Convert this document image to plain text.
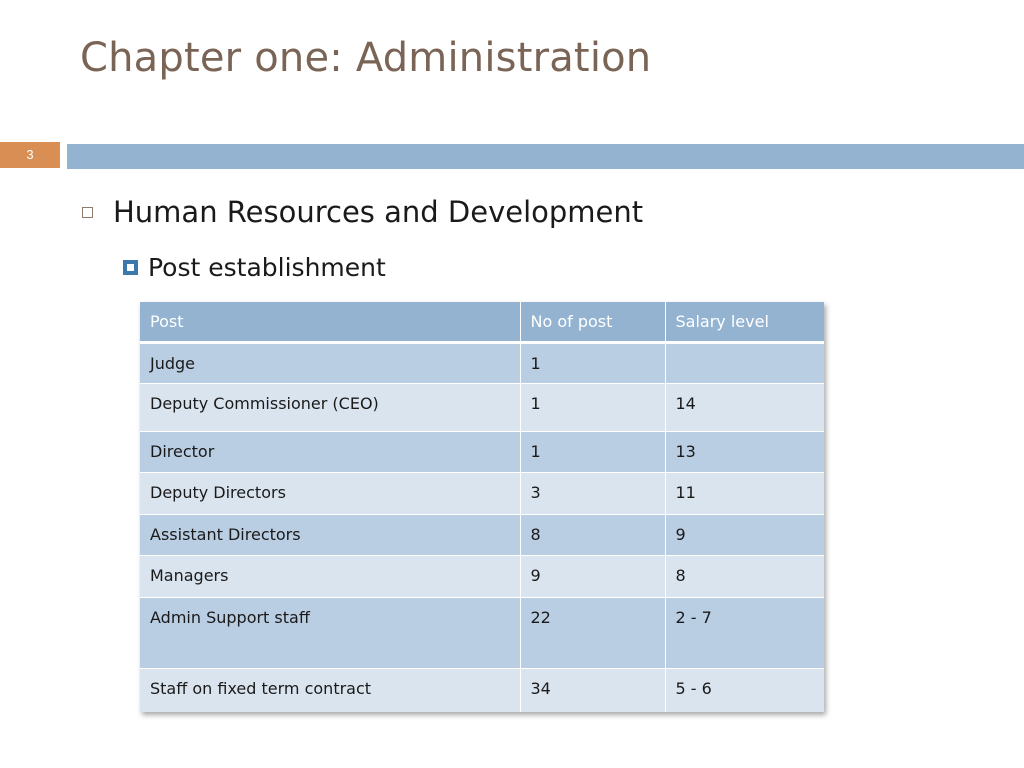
Chapter one: Administration
3
Human Resources and Development
Post establishment
Post	No of post	Salary level
Judge	1	
Deputy Commissioner (CEO)	1	14
Director	1	13
Deputy Directors	3	11
Assistant Directors	8	9
Managers	9	8
Admin Support staff	22	2 - 7
Staff on fixed term contract	34	5 - 6
